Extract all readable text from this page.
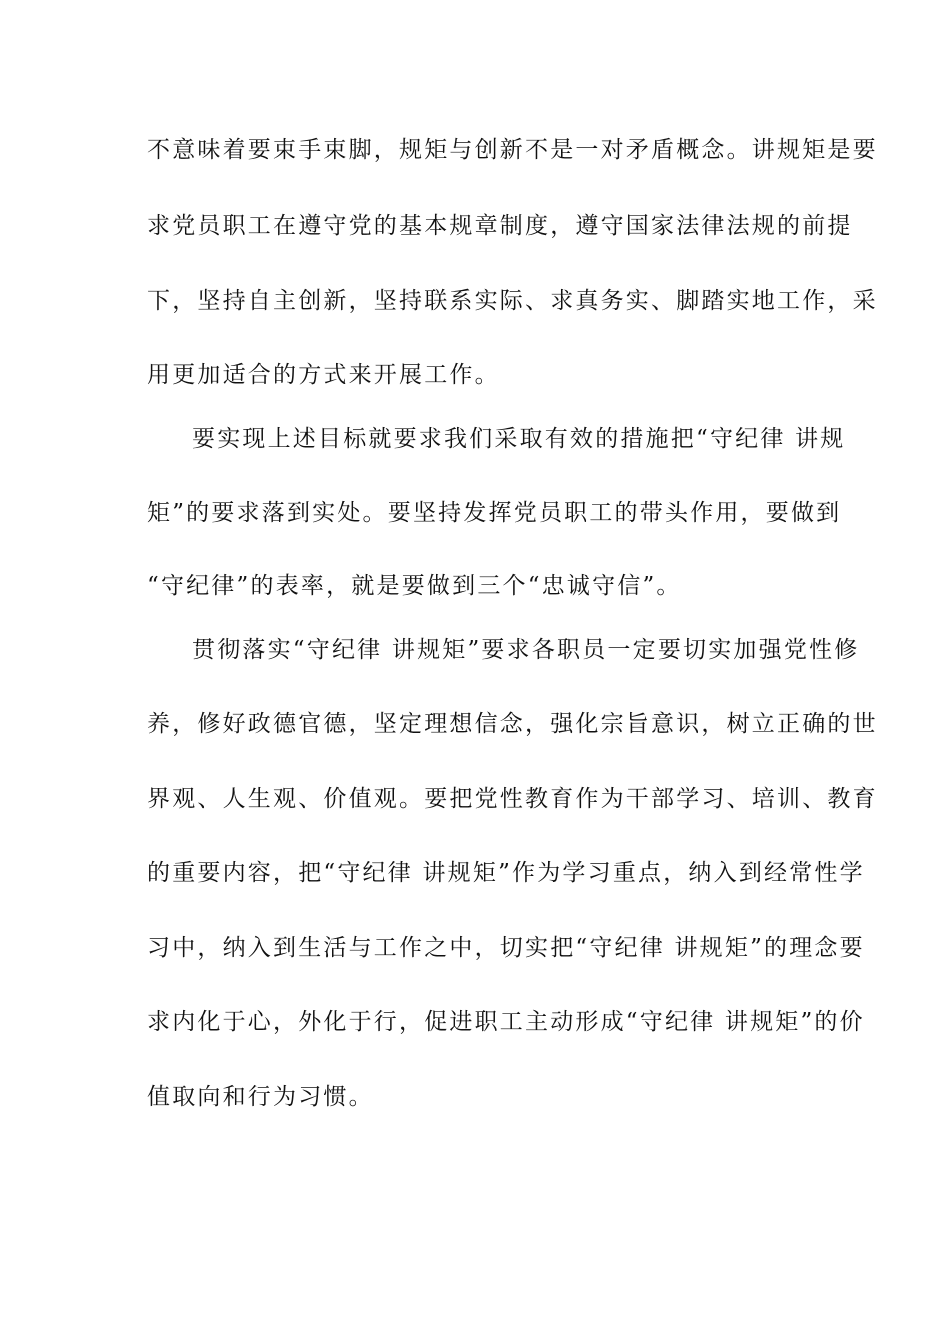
不意味着要束手束脚，规矩与创新不是一对矛盾概念。讲规矩是要
求党员职工在遵守党的基本规章制度，遵守国家法律法规的前提
下，坚持自主创新，坚持联系实际、求真务实、脚踏实地工作，采
用更加适合的方式来开展工作。
要实现上述目标就要求我们采取有效的措施把“守纪律 讲规
矩”的要求落到实处。要坚持发挥党员职工的带头作用，要做到
“守纪律”的表率，就是要做到三个“忠诚守信”。
贯彻落实“守纪律 讲规矩”要求各职员一定要切实加强党性修
养，修好政德官德，坚定理想信念，强化宗旨意识，树立正确的世
界观、人生观、价值观。要把党性教育作为干部学习、培训、教育
的重要内容，把“守纪律 讲规矩”作为学习重点，纳入到经常性学
习中，纳入到生活与工作之中，切实把“守纪律 讲规矩”的理念要
求内化于心，外化于行，促进职工主动形成“守纪律 讲规矩”的价
值取向和行为习惯。
